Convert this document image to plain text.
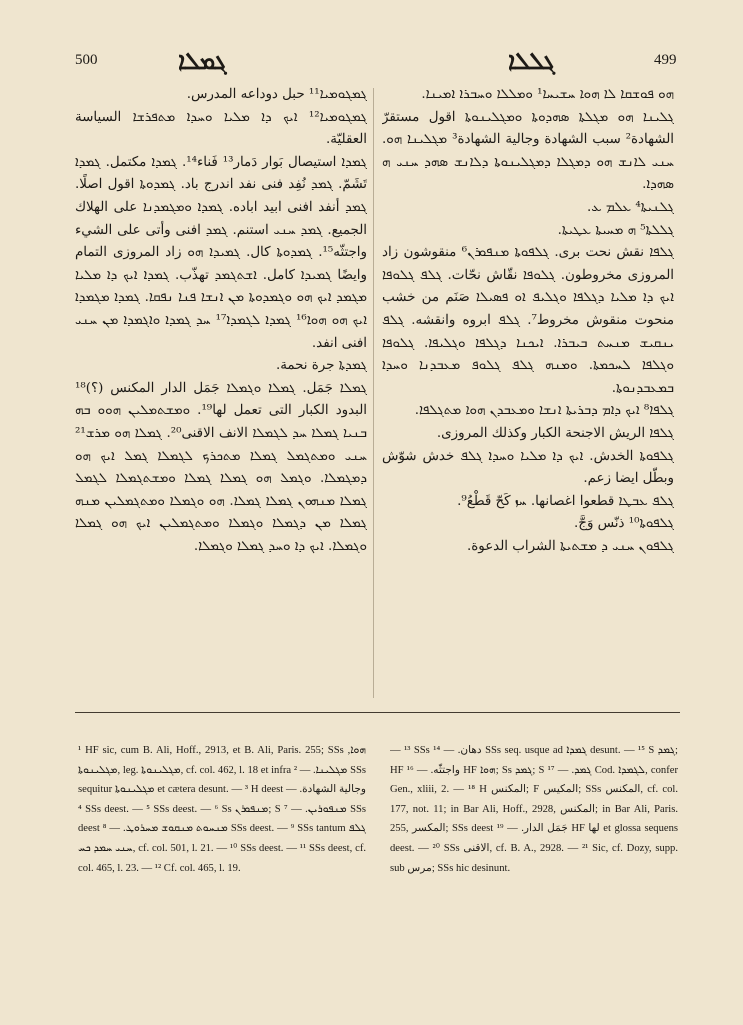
500	ܓܡܠܐ	ܓܠܠܐ	499

ܓܡܓܘܡܝܐ¹¹ حبل دوداعه المدرس.

ܓܡܓܘܡܝܐ¹² ܐܝܟ ܕܐ ܡܠܝܐ ܘܚܕܐ ܡܬܦܪܫܐ السياسة العقليّة.

ܓܡܕܐ استيصال بَوار دَمار¹³ فَناء¹⁴. ܓܡܕܐ مكتمل. ܓܡܕܐ تَشَمّ. ܓܡܕ نُفِد فنى نفد اندرج باد. ܓܡܕܘܬܐ اقول اصلًا. ܓܡܕ أنفد افنى ابيد اباده. ܓܡܕܐ ܘܡܓܡܕܢܐ على الهلاك الجميع. ܓܡܕ ܚܢܝ استنم. ܓܡܕ افنى وأتى على الشيء واجتثّه¹⁵. ܓܡܕܘܬܐ كال. ܓܡܝܕܐ ܗܘ زاد المروزى التمام وايضًا ܓܡܝܕܐ كامل. ܐܫܬܓܡܕ تهذّب. ܓܡܕܐ ܐܝܟ ܕܐ ܡܠܝܐ ܡܓܡܕ ܐܝܟ ܗܘ ܘܓܡܕܘܬܐ ܡܢ ܐܢܫܐ ܦܢܐ ܢܦܩܐ. ܓܡܕܐ ܡܓܡܕܐ ܐܝܟ ܗܘ ܗܘܐ¹⁶ ܓܡܕܐ ܠܓܡܕܐ¹⁷ ܚܕ ܓܡܕܐ ܘܐܓܡܕܐ ܡܢ ܚܢܝ افنى انفد.

ܓܡܕܬܐ جرة نحمة.

ܓܡܠܐ جَمَل. ܓܡܠܐ ܘܓܡܠܐ جَمَل الدار المكنس (؟)¹⁸ البدود الكبار التى تعمل لها¹⁹. ܘܡܫܬܡܠܝܢ ܗܘܘ ܒܗ ܒܢܝܐ ܓܡܠܐ ܚܕ ܠܓܡܠܐ الانف الاقنى²⁰. ܓܡܠܐ ܗܘ ܡܪܫ²¹ ܚܢܝ ܘܡܬܓܡܠ ܓܡܠܐ ܡܬܟܪܟ ܠܓܡܠܐ ܓܡܠ ܐܝܟ ܗܘ ܕܡܓܡܠܐ. ܘܓܡܠ ܗܘ ܓܡܠܐ ܓܡܠܐ ܘܡܫܬܓܡܠܐ ܠܓܡܠ ܓܡܠܐ ܡܢܗܘܢ ܓܡܠܐ ܓܡܠܐ. ܗܘ ܘܓܡܠܐ ܘܡܬܓܡܠܝܢ ܡܢܗ ܓܡܠܐ ܡܢ ܕܓܡܠܐ ܘܓܡܠܐ ܘܡܬܓܡܠܝܢ ܐܝܟ ܗܘ ܓܡܠܐ ܘܓܡܠܐ. ܐܝܟ ܕܐ ܘܚܕ ܓܡܠܐ ܘܓܡܠܐ.

ܗܘ ܦܘܫܩܐ ܠܐ ܗܘܐ ܚܫܝܚܐ¹ ܘܡܠܠܐ ܘܚܒܪܐ ܐܡܝܢܐ.

ܓܠܝܢܐ ܗܘ ܡܓܠܬܐ ܣܗܕܘܬܐ ܘܡܓܠܝܢܘܬܐ اقول مستقرّ الشهادة² سبب الشهادة وجالية الشهادة³ ܡܓܠܝܢܐ ܗܘ. ܚܢܝ ܠܐܢܫ ܗܘ ܕܡܓܠܐ ܕܡܓܠܝܢܘܬܐ ܕܠܐܢܫ ܣܗܕ ܚܢܝ ܗ ܣܗܕܐ.

ܓܠܢܝܬܐ⁴ ܥܠܡ ܥ.

ܓܠܠܬܐ⁵ ܗ ܡܚܝܬܐ ܥܛܝܬܐ.

ܓܠܦܐ نقش نحت برى. ܓܠܦܘܬܐ ܡܢܦܘܪܢ⁶ منقوشون زاد المروزى مخروطون. ܓܠܘܦܐ نقّاش نحّات. ܓܠܦ ܓܠܘܦܐ ܐܝܟ ܕܐ ܡܠܝܐ ܕܓܠܦܐ ܘܓܠܝܦ ܐܘ ܦܣܝܠܐ صَنَم من خشب منحوت منقوش مخروط⁷. ܓܠܦ ابروه وانقشه. ܓܠܦ ܝܢܩܝܫ ܡܢܚܬ ܒܝܒܪܐ. ܐܝܟܢܐ ܕܓܠܦܐ ܘܓܠܝܦܐ. ܓܠܘܦܐ ܘܓܠܦܐ ܠܚܟܡܬܐ. ܘܡܢܗ ܓܠܦ ܓܠܘܦ ܡܥܒܕܢܐ ܘܚܕܐ ܒܡܥܒܕܢܘܬܐ.

ܓܠܦܐ⁸ ܐܝܟ ܕܐܡ ܕܒܪܝܬܐ ܐܢܫܐ ܘܡܥܒܕܢ ܗܘܐ ܡܬܓܠܦܐ.

ܓܠܦܐ الريش الاجنحة الكبار وكذلك المروزى.

ܓܠܦܘܬܐ الخدش. ܐܝܟ ܕܐ ܡܠܝܐ ܘܚܕܐ ܓܠܦ خدش شوّش وبطّل ايضا زعم.

ܓܠܦ ܥܒܛܐ قطعوا اغصانها. ܚܙ كَحّ قَطْعُ⁹.

ܓܠܦܘܬܐ¹⁰ ذنّس وَجَّ.

ܓܠܦܘܢ ܚܢܝ ܕ ܡܫܬܝܬܐ الشراب الدعوة.

¹ HF sic, cum B. Ali, Hoff., 2913, et B. Ali, Paris. 255; SSs ܗܘܐ, ܡܓܠܝܢܘܬܐ, leg. ܡܓܠܝܢܘܬܐ, cf. col. 462, l. 18 et infra ܡܓܠܝܢܐ. — ² SSs sequitur ܡܓܠܝܢܘܬܐ et cætera desunt. — ³ H deest وجالية الشهادة. — ⁴ SSs deest. — ⁵ SSs deest. — ⁶ Ss ܡܢܦܘܪܢ; S ܡܢܦܘܪܝܢ. — ⁷ SSs deest ܡܢܚܘܬ ܡܢܩܘܫ ܡܚܪܘܛ. — ⁸ SSs deest. — ⁹ SSs tantum ܓܠܦ ܚܢܝ ܚܡܕ ܟܚ, cf. col. 501, l. 21. — ¹⁰ SSs deest. — ¹¹ SSs deest, cf. col. 465, l. 23. — ¹² Cf. col. 465, l. 19.

— ¹³ SSs دهان. — ¹⁴ SSs seq. usque ad ܓܡܕܐ desunt. — ¹⁵ S ܓܡܕ; HF واجتثّه. — ¹⁶ HF ܗܘܐ; Ss ܓܡܕ; S ܓܡܕ. — ¹⁷ Cod. ܠܓܡܕܐ, confer Gen., xliii, 2. — ¹⁸ H المكنس; F المكيس; SSs المكنس, cf. col. 177, not. 11; in Bar Ali, Hoff., 2928, المكنس; in Bar Ali, Paris. 255, المكسر; SSs deest جَمَل الدار. — ¹⁹ HF لها et glossa sequens deest. — ²⁰ SSs الاقنى, cf. B. A., 2928. — ²¹ Sic, cf. Dozy, supp. sub مرس; SSs hic desinunt.
